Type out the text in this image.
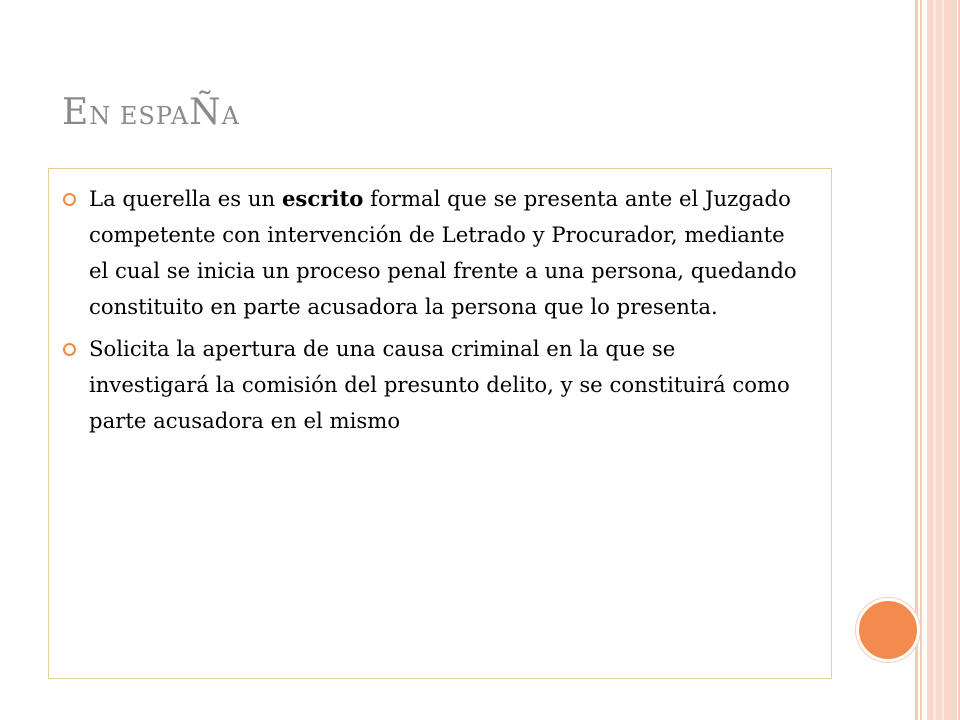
EN ESPAÑA
La querella es un escrito formal que se presenta ante el Juzgado competente con intervención de Letrado y Procurador, mediante el cual se inicia un proceso penal frente a una persona, quedando constituito en parte acusadora la persona que lo presenta.
Solicita la apertura de una causa criminal en la que se investigará la comisión del presunto delito, y se constituirá como parte acusadora en el mismo
